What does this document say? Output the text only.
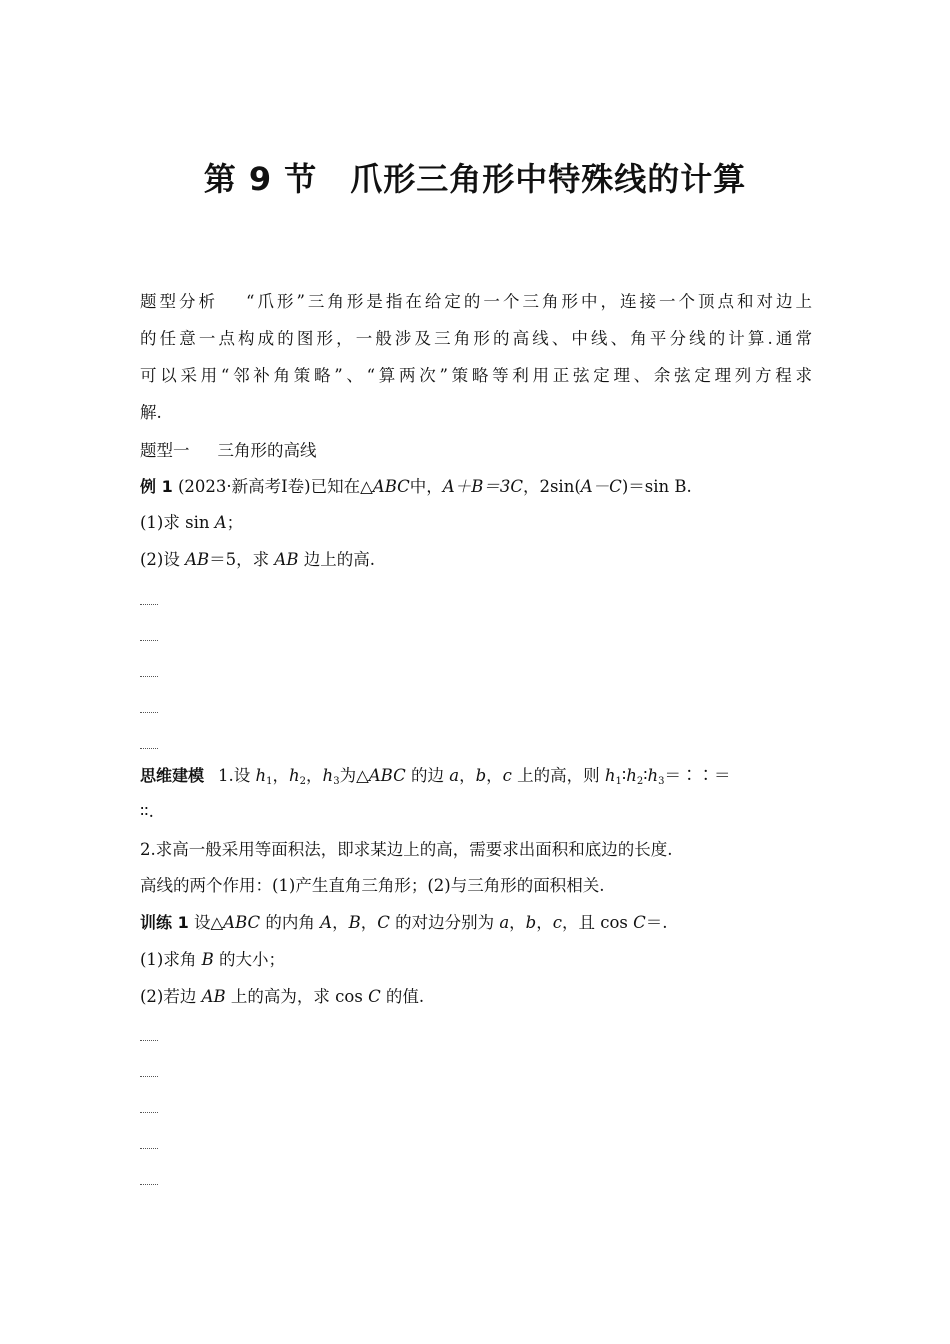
第 9 节　爪形三角形中特殊线的计算
题型分析 “爪形”三角形是指在给定的一个三角形中，连接一个顶点和对边上
的任意一点构成的图形，一般涉及三角形的高线、中线、角平分线的计算.通常
可以采用“邻补角策略”、“算两次”策略等利用正弦定理、余弦定理列方程求
解.
题型一 三角形的高线
例 1 (2023·新高考Ⅰ卷)已知在△ABC中，A＋B＝3C，2sin(A－C)＝sin B.
(1)求 sin A；
(2)设 AB＝5，求 AB 边上的高.
思维建模 1.设 $h_1$，$h_2$，$h_3$为△ABC 的边 a，b，c 上的高，则 $h_1∶h_2∶h_3=∶∶=$
∶∶.
2.求高一般采用等面积法，即求某边上的高，需要求出面积和底边的长度.
高线的两个作用：(1)产生直角三角形；(2)与三角形的面积相关.
训练 1 设△ABC 的内角 A，B，C 的对边分别为 a，b，c，且 cos C＝.
(1)求角 B 的大小；
(2)若边 AB 上的高为，求 cos C 的值.
